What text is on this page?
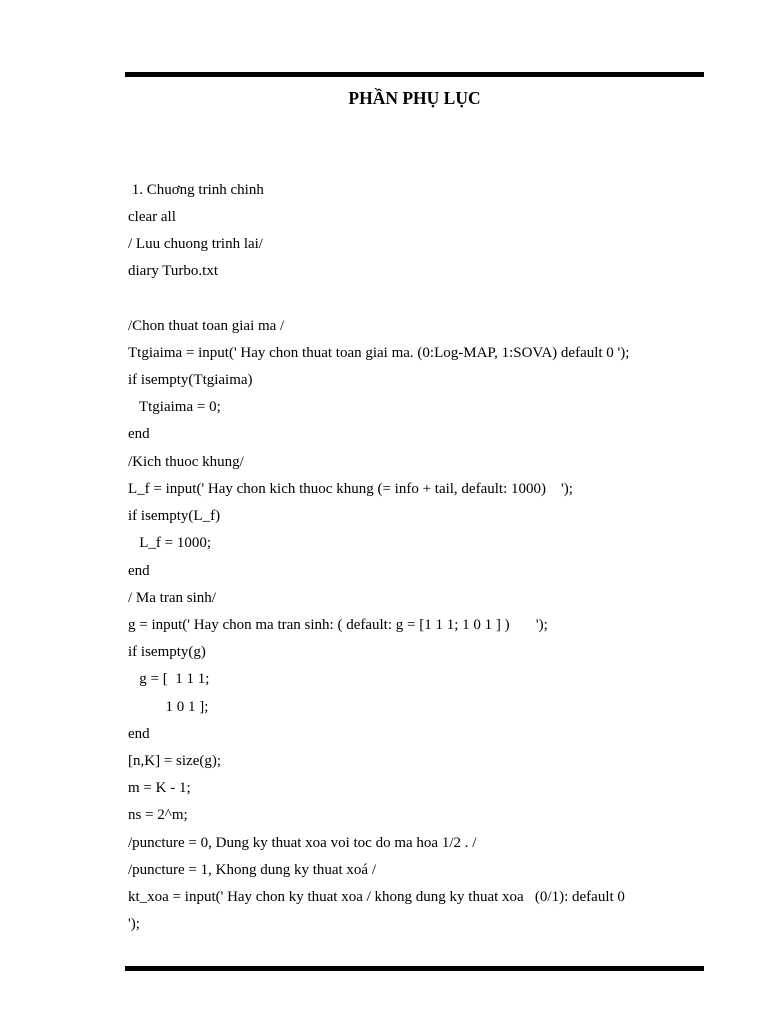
PHẦN PHỤ LỤC
1. Chuơng trinh chinh
clear all
/ Luu chuong trinh lai/
diary Turbo.txt
/Chon thuat toan giai ma /
Ttgiaima = input(' Hay chon thuat toan giai ma. (0:Log-MAP, 1:SOVA) default 0 ');
if isempty(Ttgiaima)
Ttgiaima = 0;
end
/Kich thuoc khung/
L_f = input(' Hay chon kich thuoc khung (= info + tail, default: 1000)    ');
if isempty(L_f)
L_f = 1000;
end
/ Ma tran sinh/
g = input(' Hay chon ma tran sinh: ( default: g = [1 1 1; 1 0 1 ] )       ');
if isempty(g)
g = [  1 1 1;
1 0 1 ];
end
[n,K] = size(g);
m = K - 1;
ns = 2^m;
/puncture = 0, Dung ky thuat xoa voi toc do ma hoa 1/2 . /
/puncture = 1, Khong dung ky thuat xoá /
kt_xoa = input(' Hay chon ky thuat xoa / khong dung ky thuat xoa   (0/1): default 0
');
